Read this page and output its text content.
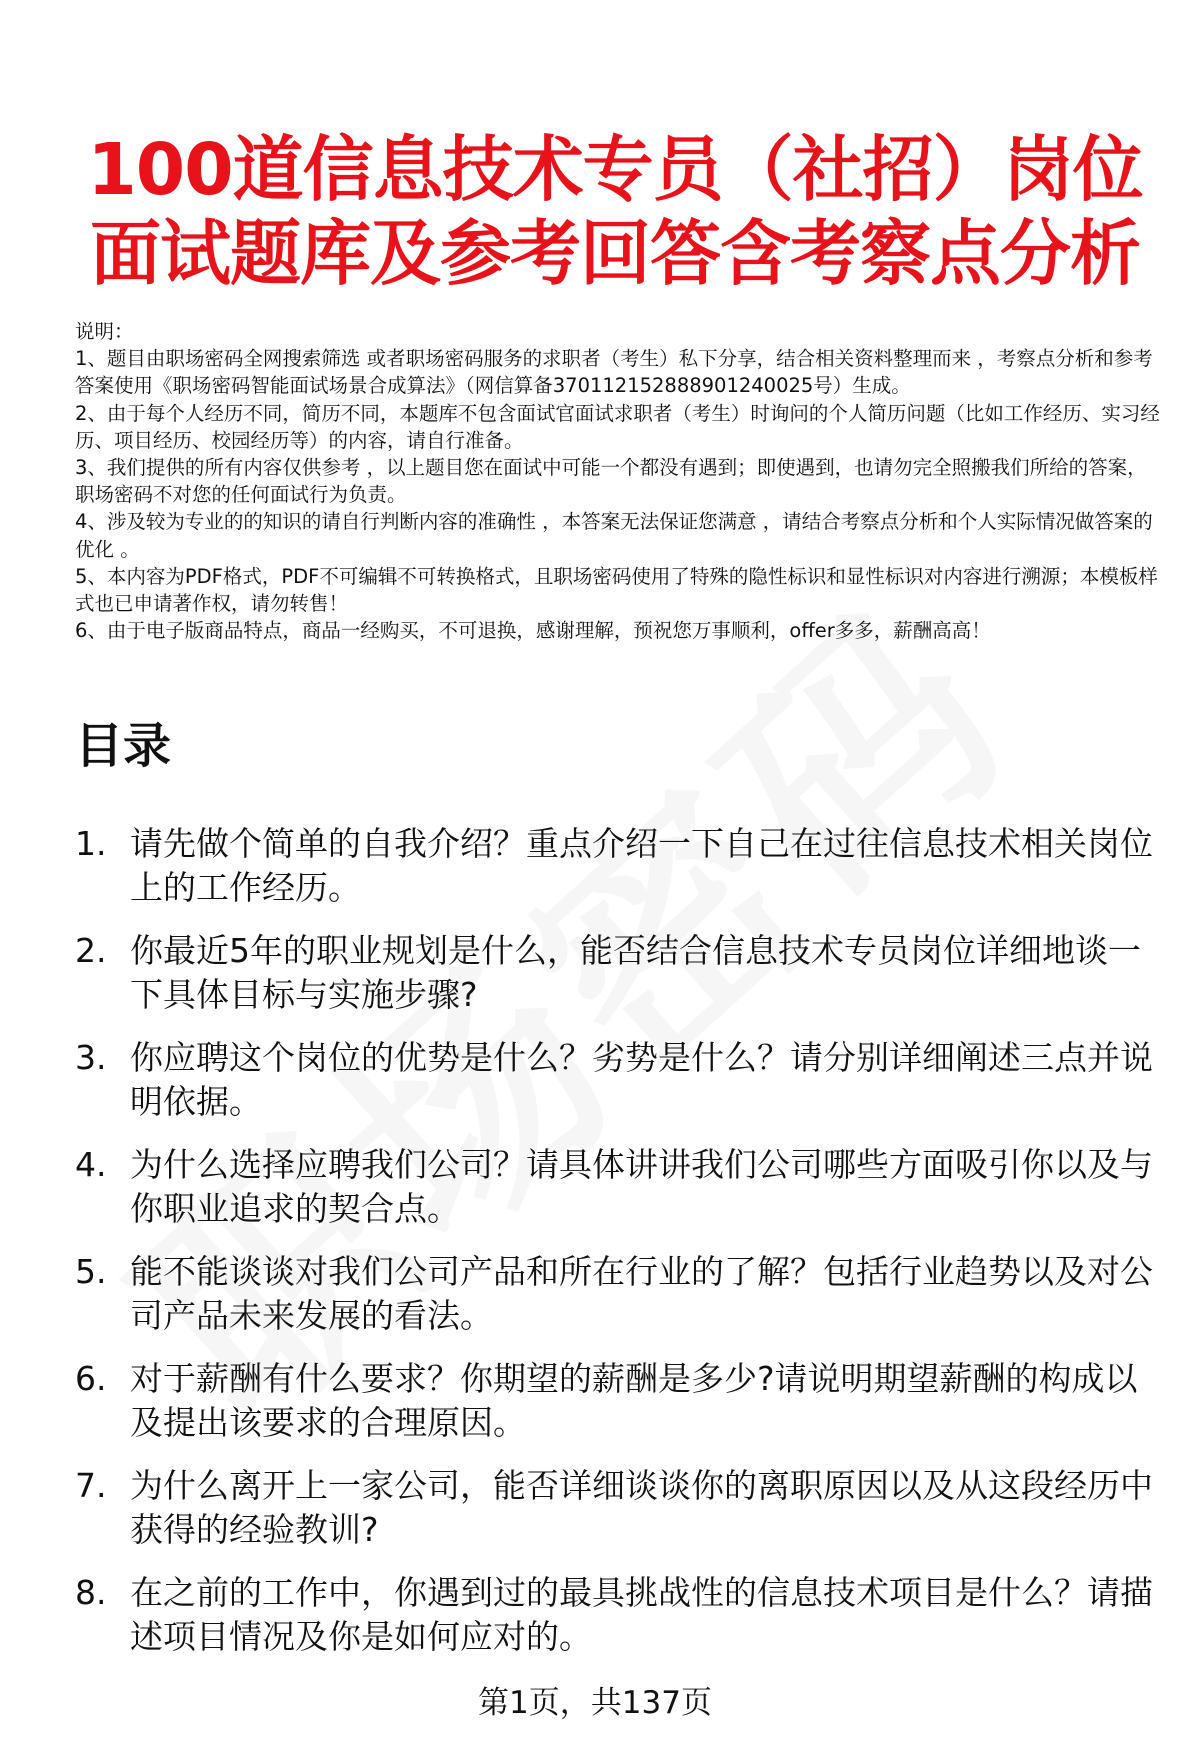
100道信息技术专员（社招）岗位面试题库及参考回答含考察点分析

说明：

1、题目由职场密码全网搜索筛选 或者职场密码服务的求职者（考生）私下分享，结合相关资料整理而来 ，考察点分析和参考答案使用《职场密码智能面试场景合成算法》（网信算备370112152888901240025号）生成。

2、由于每个人经历不同，简历不同，本题库不包含面试官面试求职者（考生）时询问的个人简历问题（比如工作经历、实习经历、项目经历、校园经历等）的内容，请自行准备。

3、我们提供的所有内容仅供参考 ，以上题目您在面试中可能一个都没有遇到；即使遇到，也请勿完全照搬我们所给的答案，职场密码不对您的任何面试行为负责。

4、涉及较为专业的的知识的请自行判断内容的准确性 ，本答案无法保证您满意 ，请结合考察点分析和个人实际情况做答案的优化 。

5、本内容为PDF格式，PDF不可编辑不可转换格式，且职场密码使用了特殊的隐性标识和显性标识对内容进行溯源；本模板样式也已申请著作权，请勿转售！

6、由于电子版商品特点，商品一经购买，不可退换，感谢理解，预祝您万事顺利，offer多多，薪酬高高！

目录
1. 请先做个简单的自我介绍？重点介绍一下自己在过往信息技术相关岗位上的工作经历。
2. 你最近5年的职业规划是什么，能否结合信息技术专员岗位详细地谈一下具体目标与实施步骤?
3. 你应聘这个岗位的优势是什么？劣势是什么？请分别详细阐述三点并说明依据。
4. 为什么选择应聘我们公司？请具体讲讲我们公司哪些方面吸引你以及与你职业追求的契合点。
5. 能不能谈谈对我们公司产品和所在行业的了解？包括行业趋势以及对公司产品未来发展的看法。
6. 对于薪酬有什么要求？你期望的薪酬是多少?请说明期望薪酬的构成以及提出该要求的合理原因。
7. 为什么离开上一家公司，能否详细谈谈你的离职原因以及从这段经历中获得的经验教训?
8. 在之前的工作中，你遇到过的最具挑战性的信息技术项目是什么？请描述项目情况及你是如何应对的。
第1页，共137页
